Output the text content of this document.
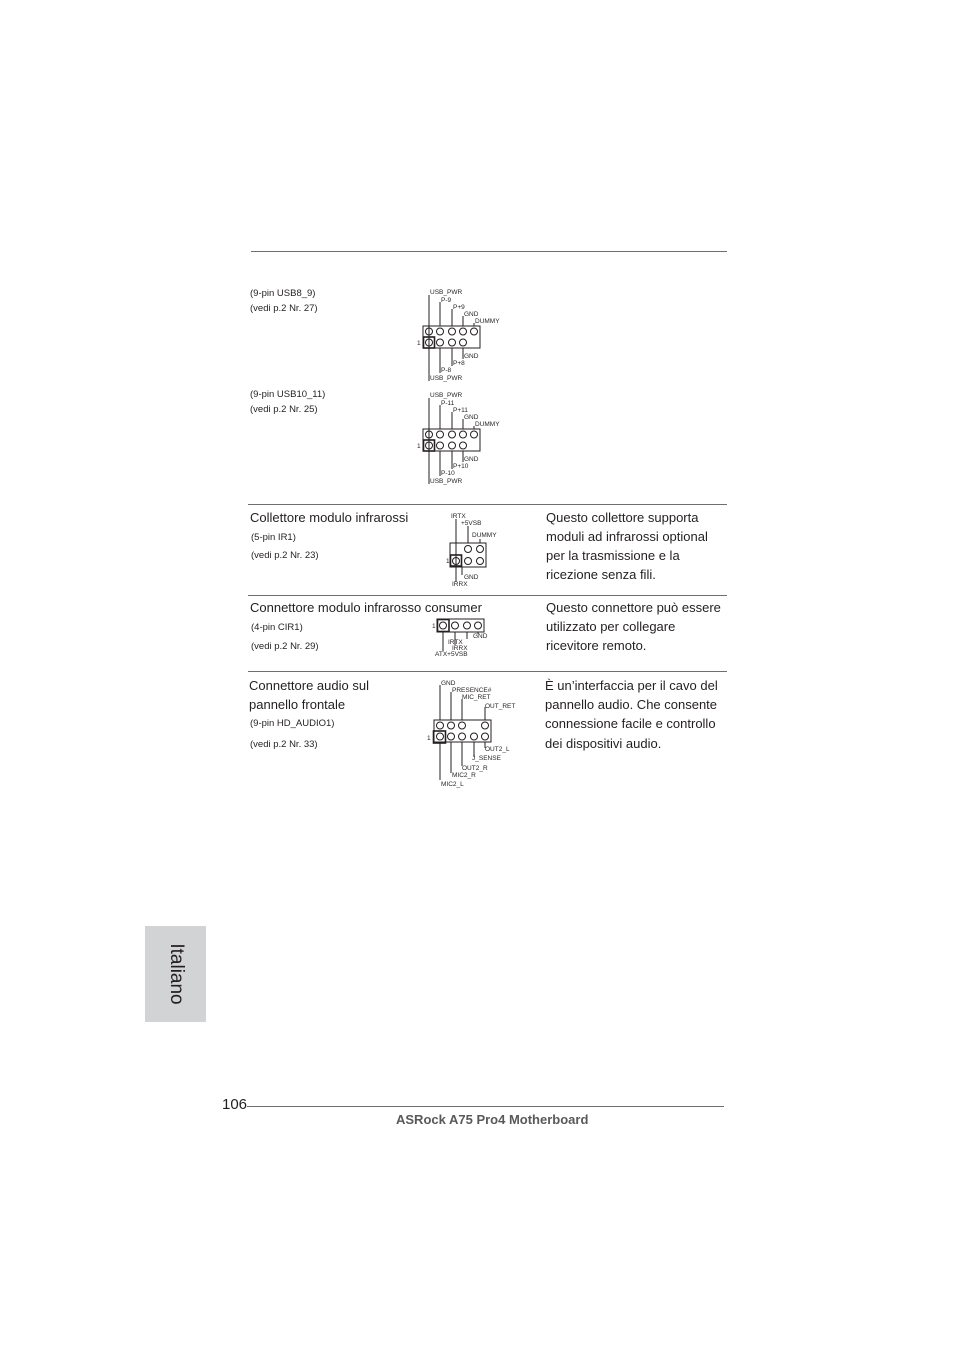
(9-pin USB8_9)
(vedi p.2 Nr. 27)
USB_PWR
P-9
P+9
GND
DUMMY
1
GND
P+8
P-8
USB_PWR
(9-pin USB10_11)
(vedi p.2 Nr. 25)
USB_PWR
P-11
P+11
GND
DUMMY
1
GND
P+10
P-10
USB_PWR
Collettore modulo infrarossi
(5-pin IR1)
(vedi p.2 Nr. 23)
IRTX
+5VSB
DUMMY
1
GND
IRRX
Questo collettore supporta
moduli ad infrarossi optional
per la trasmissione e la
ricezione senza fili.
Connettore modulo infrarosso consumer
(4-pin CIR1)
(vedi p.2 Nr. 29)
1
GND
IRTX
IRRX
ATX+5VSB
Questo connettore può essere
utilizzato per collegare
ricevitore remoto.
Connettore audio sul
pannello frontale
(9-pin HD_AUDIO1)
(vedi p.2 Nr. 33)
GND
PRESENCE#
MIC_RET
OUT_RET
1
OUT2_L
J_SENSE
OUT2_R
MIC2_R
MIC2_L
È un’interfaccia per il cavo del
pannello audio. Che consente
connessione facile e controllo
dei dispositivi audio.
Italiano
106
ASRock A75 Pro4 Motherboard
